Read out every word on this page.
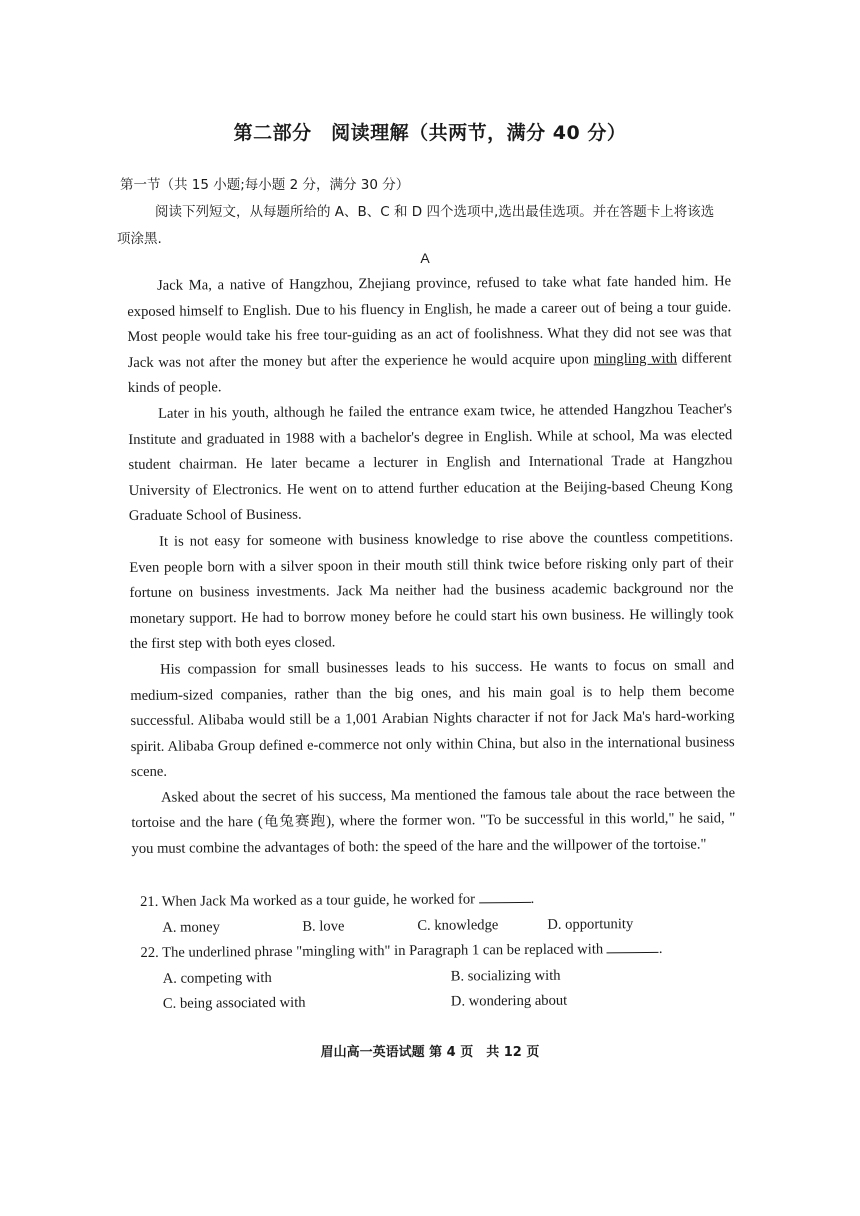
第二部分　阅读理解（共两节，满分 40 分）
第一节（共 15 小题;每小题 2 分，满分 30 分）
阅读下列短文，从每题所给的 A、B、C 和 D 四个选项中,选出最佳选项。并在答题卡上将该选项涂黑.
A

Jack Ma, a native of Hangzhou, Zhejiang province, refused to take what fate handed him. He exposed himself to English. Due to his fluency in English, he made a career out of being a tour guide. Most people would take his free tour-guiding as an act of foolishness. What they did not see was that Jack was not after the money but after the experience he would acquire upon mingling with different kinds of people.

Later in his youth, although he failed the entrance exam twice, he attended Hangzhou Teacher's Institute and graduated in 1988 with a bachelor's degree in English. While at school, Ma was elected student chairman. He later became a lecturer in English and International Trade at Hangzhou University of Electronics. He went on to attend further education at the Beijing-based Cheung Kong Graduate School of Business.

It is not easy for someone with business knowledge to rise above the countless competitions. Even people born with a silver spoon in their mouth still think twice before risking only part of their fortune on business investments. Jack Ma neither had the business academic background nor the monetary support. He had to borrow money before he could start his own business. He willingly took the first step with both eyes closed.

His compassion for small businesses leads to his success. He wants to focus on small and medium-sized companies, rather than the big ones, and his main goal is to help them become successful. Alibaba would still be a 1,001 Arabian Nights character if not for Jack Ma's hard-working spirit. Alibaba Group defined e-commerce not only within China, but also in the international business scene.

Asked about the secret of his success, Ma mentioned the famous tale about the race between the tortoise and the hare (龟兔赛跑), where the former won. "To be successful in this world," he said, " you must combine the advantages of both: the speed of the hare and the willpower of the tortoise."

21. When Jack Ma worked as a tour guide, he worked for	.
A. money	B. love	C. knowledge	D. opportunity
22. The underlined phrase "mingling with" in Paragraph 1 can be replaced with	.
A. competing with	B. socializing with
C. being associated with	D. wondering about
眉山高一英语试题 第 4 页　共 12 页
